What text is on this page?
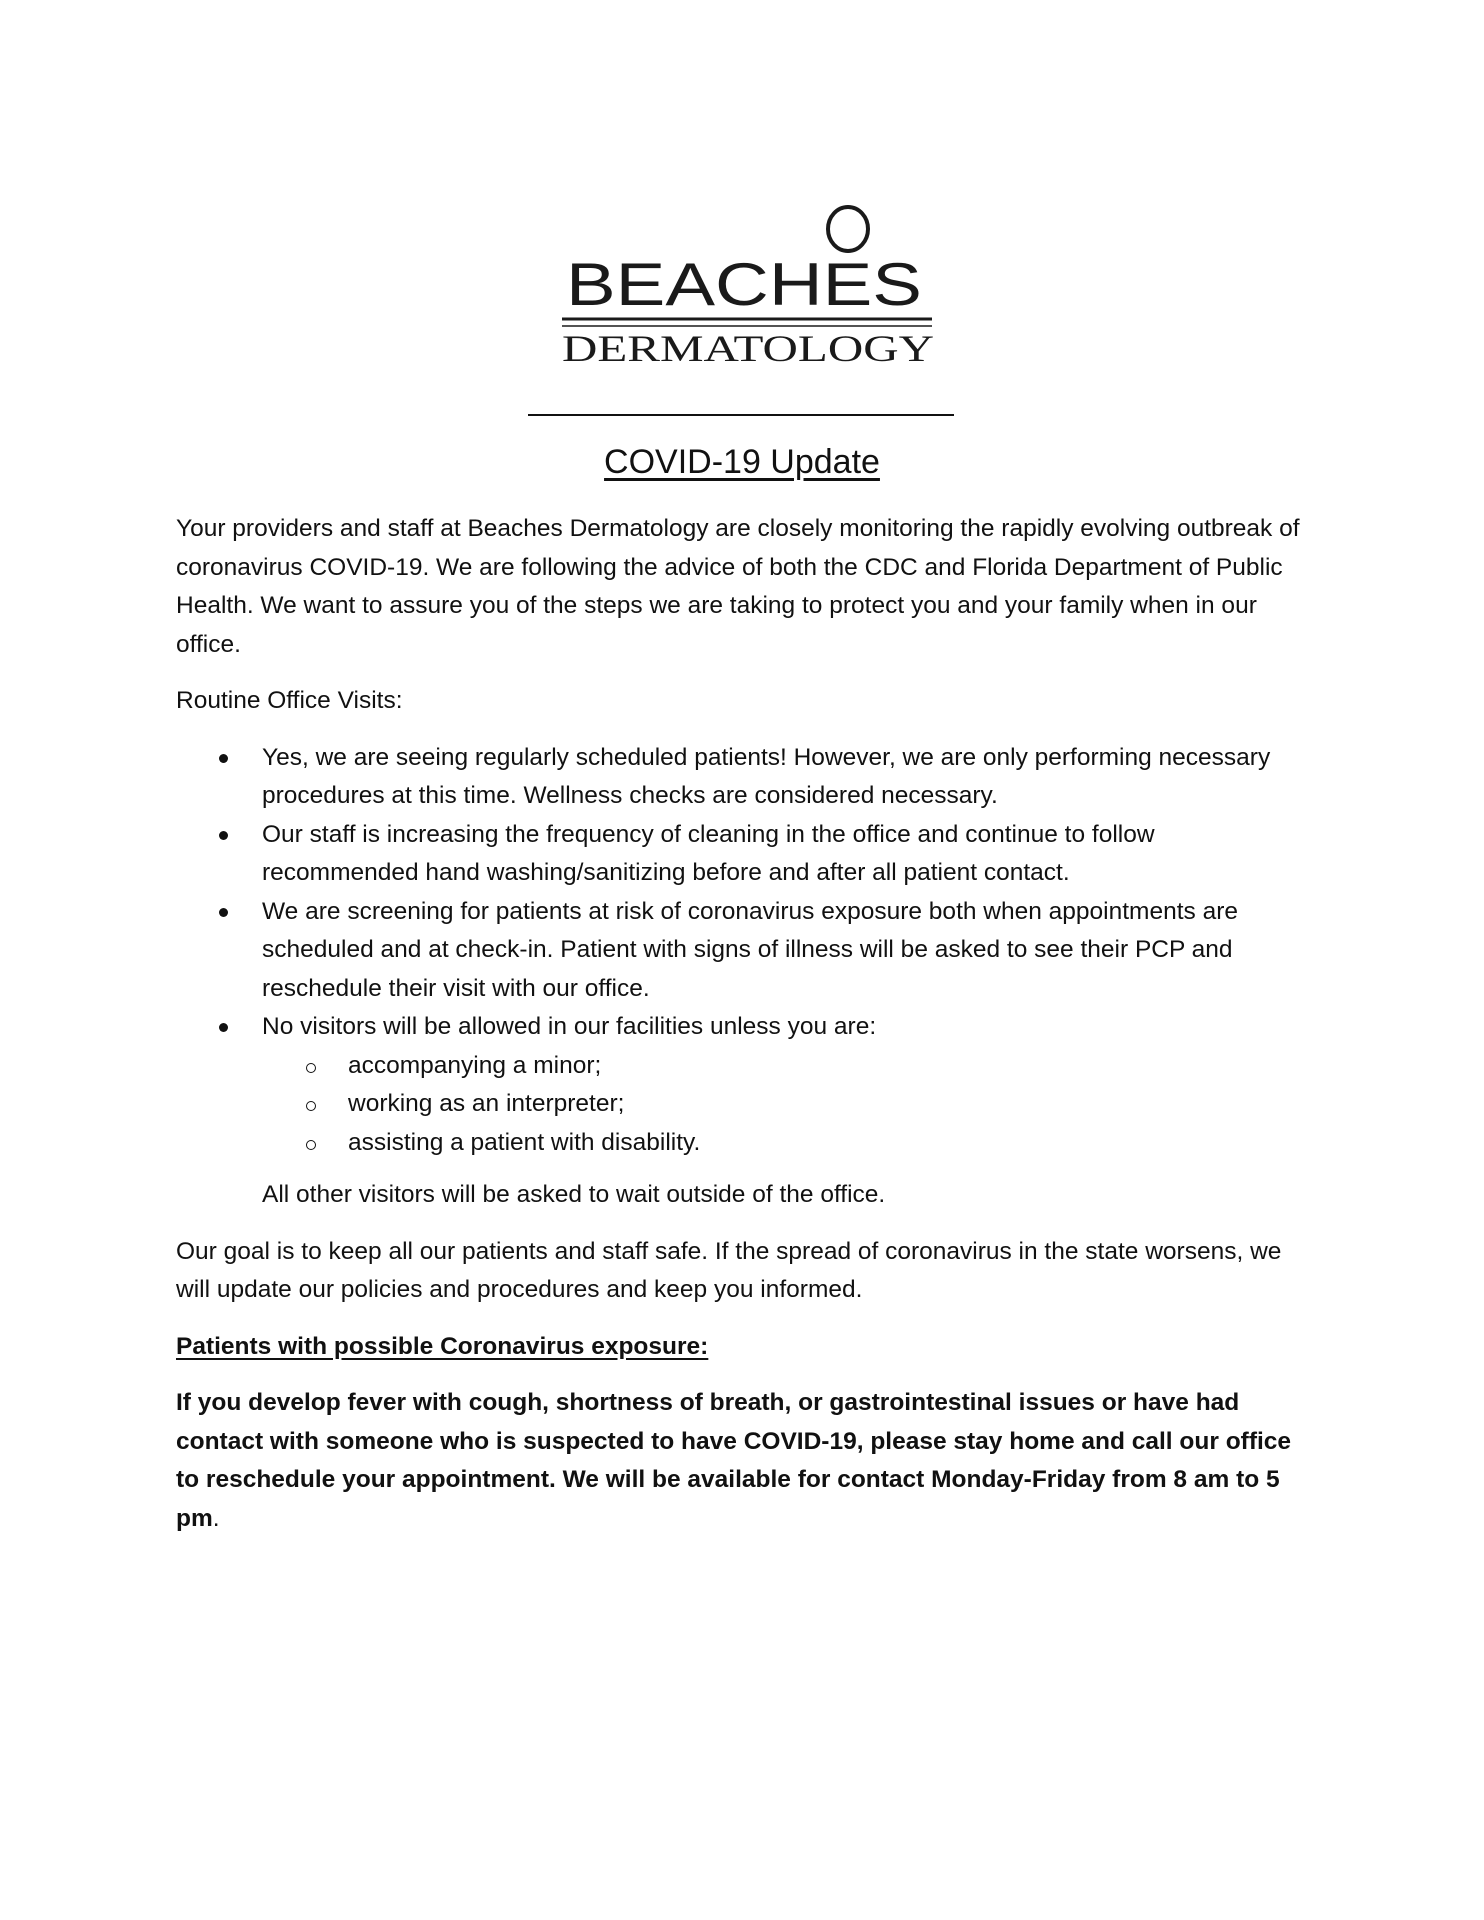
BEACHES
DERMATOLOGY
COVID-19 Update

Your providers and staff at Beaches Dermatology are closely monitoring the rapidly evolving outbreak of coronavirus COVID-19. We are following the advice of both the CDC and Florida Department of Public Health. We want to assure you of the steps we are taking to protect you and your family when in our office.

Routine Office Visits:

Yes, we are seeing regularly scheduled patients! However, we are only performing necessary procedures at this time. Wellness checks are considered necessary.
Our staff is increasing the frequency of cleaning in the office and continue to follow recommended hand washing/sanitizing before and after all patient contact.
We are screening for patients at risk of coronavirus exposure both when appointments are scheduled and at check-in. Patient with signs of illness will be asked to see their PCP and reschedule their visit with our office.
No visitors will be allowed in our facilities unless you are:
accompanying a minor;
working as an interpreter;
assisting a patient with disability.

All other visitors will be asked to wait outside of the office.

Our goal is to keep all our patients and staff safe. If the spread of coronavirus in the state worsens, we will update our policies and procedures and keep you informed.

Patients with possible Coronavirus exposure:

If you develop fever with cough, shortness of breath, or gastrointestinal issues or have had contact with someone who is suspected to have COVID-19, please stay home and call our office to reschedule your appointment. We will be available for contact Monday-Friday from 8 am to 5 pm.
